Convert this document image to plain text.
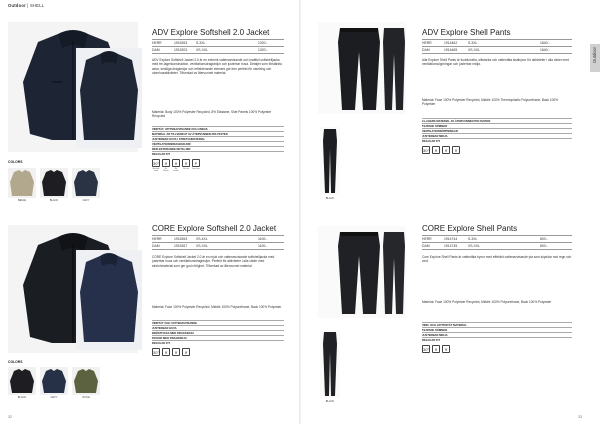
Outdoor | SHELL
Outdoor
ADV Explore Softshell 2.0 Jacket
HERR	1915263	S-3XL	1320:-
DAM	1915203	XS-XXL	1320:-
ADV Explore Softshell Jacket 2.0 är en extremt vattenavvisande och kraftfull softshelljacka med tre-lagerkonstruktion, ventilationsdragkedjor och justerbar huva. Detaljer som förstärkta axlar, smidiga dragkedjor och reflekterande element gör den perfekt för vandring och utomhusaktiviteter. Tillverkad av återvunnet material.
Material: Body 100% Polyester Recycled, 8% Elastane, Side Panels 100% Polyester Recycled
VINDTÄT, VATTENAVVISANDE OCH ANDAS
MATERIAL ÄR TILLVERKAT AV ÅTERVUNNEN POLYESTER
JUSTERBAR HUVA I STRETCHMATERIAL
VENTILATIONSDRAGKEDJOR
REFLEKTERANDE DETALJER
REGULAR FIT
30°	✕	✕	✕	P
Machine wash
No bleach
No tumble
No iron	Dry clean
COLORS
BEIGE	BLACK	NAVY
CORE Explore Softshell 2.0 Jacket
HERR	1915263	XS-4XL	1100:-
DAM	1915267	XS-XXL	1100:-
CORE Explore Softshell Jacket 2.0 är en mjuk och vattenavvisande softshelljacka med justerbar huva och ventilationsdragkedjor. Perfekt för aktiviteter i alla väder med stretchmaterial som ger god rörlighet. Tillverkad av återvunnet material.
Material: Face 100% Polyester Recycled, Middle 100% Polyurethane, Back 100% Polyester
VINDTÄT OCH VATTENAVVISANDE
JUSTERBAR HUVA
BRÖSTFICKA MED DRAGKEDJA
FICKOR MED DRAGKEDJA
REGULAR FIT
30°	✕	✕	✕
COLORS
BLACK	NAVY	OLIVE
32
BLACK
ADV Explore Shell Pants
HERR	1914462	S-3XL	1640:-
DAM	1914465	XS-XXL	1640:-
Alla Explore Shell Pants är funktionella, slitstarka och vattentäta skalbyxor för aktiviteter i alla väder med ventilationsöppningar och justerbar midja.
Material: Face 100% Polyester Recycled, Middle 100% Thermoplastic Polyurethane, Back 100% Polyester
2-LAGERS MATERIAL AV ÅTERVUNNEN POLYESTER
TEJPADE SÖMMAR
VENTILATIONSÖPPNINGAR
JUSTERBAR MIDJA
REGULAR FIT
30°	✕	✕	✕
BLACK
CORE Explore Shell Pants
HERR	1914744	S-3XL	800:-
DAM	1914745	XS-XXL	800:-
Core Explore Shell Pants är vattentäta byxor med effektivt vattenavvisande yta som skyddar mot regn och vind.
Material: Face 100% Polyester Recycled, Middle 100% Polyurethane, Back 100% Polyester
VIND- OCH VATTENTÄT MATERIAL
TEJPADE SÖMMAR
JUSTERBAR MIDJA
REGULAR FIT
30°	✕	✕
33
